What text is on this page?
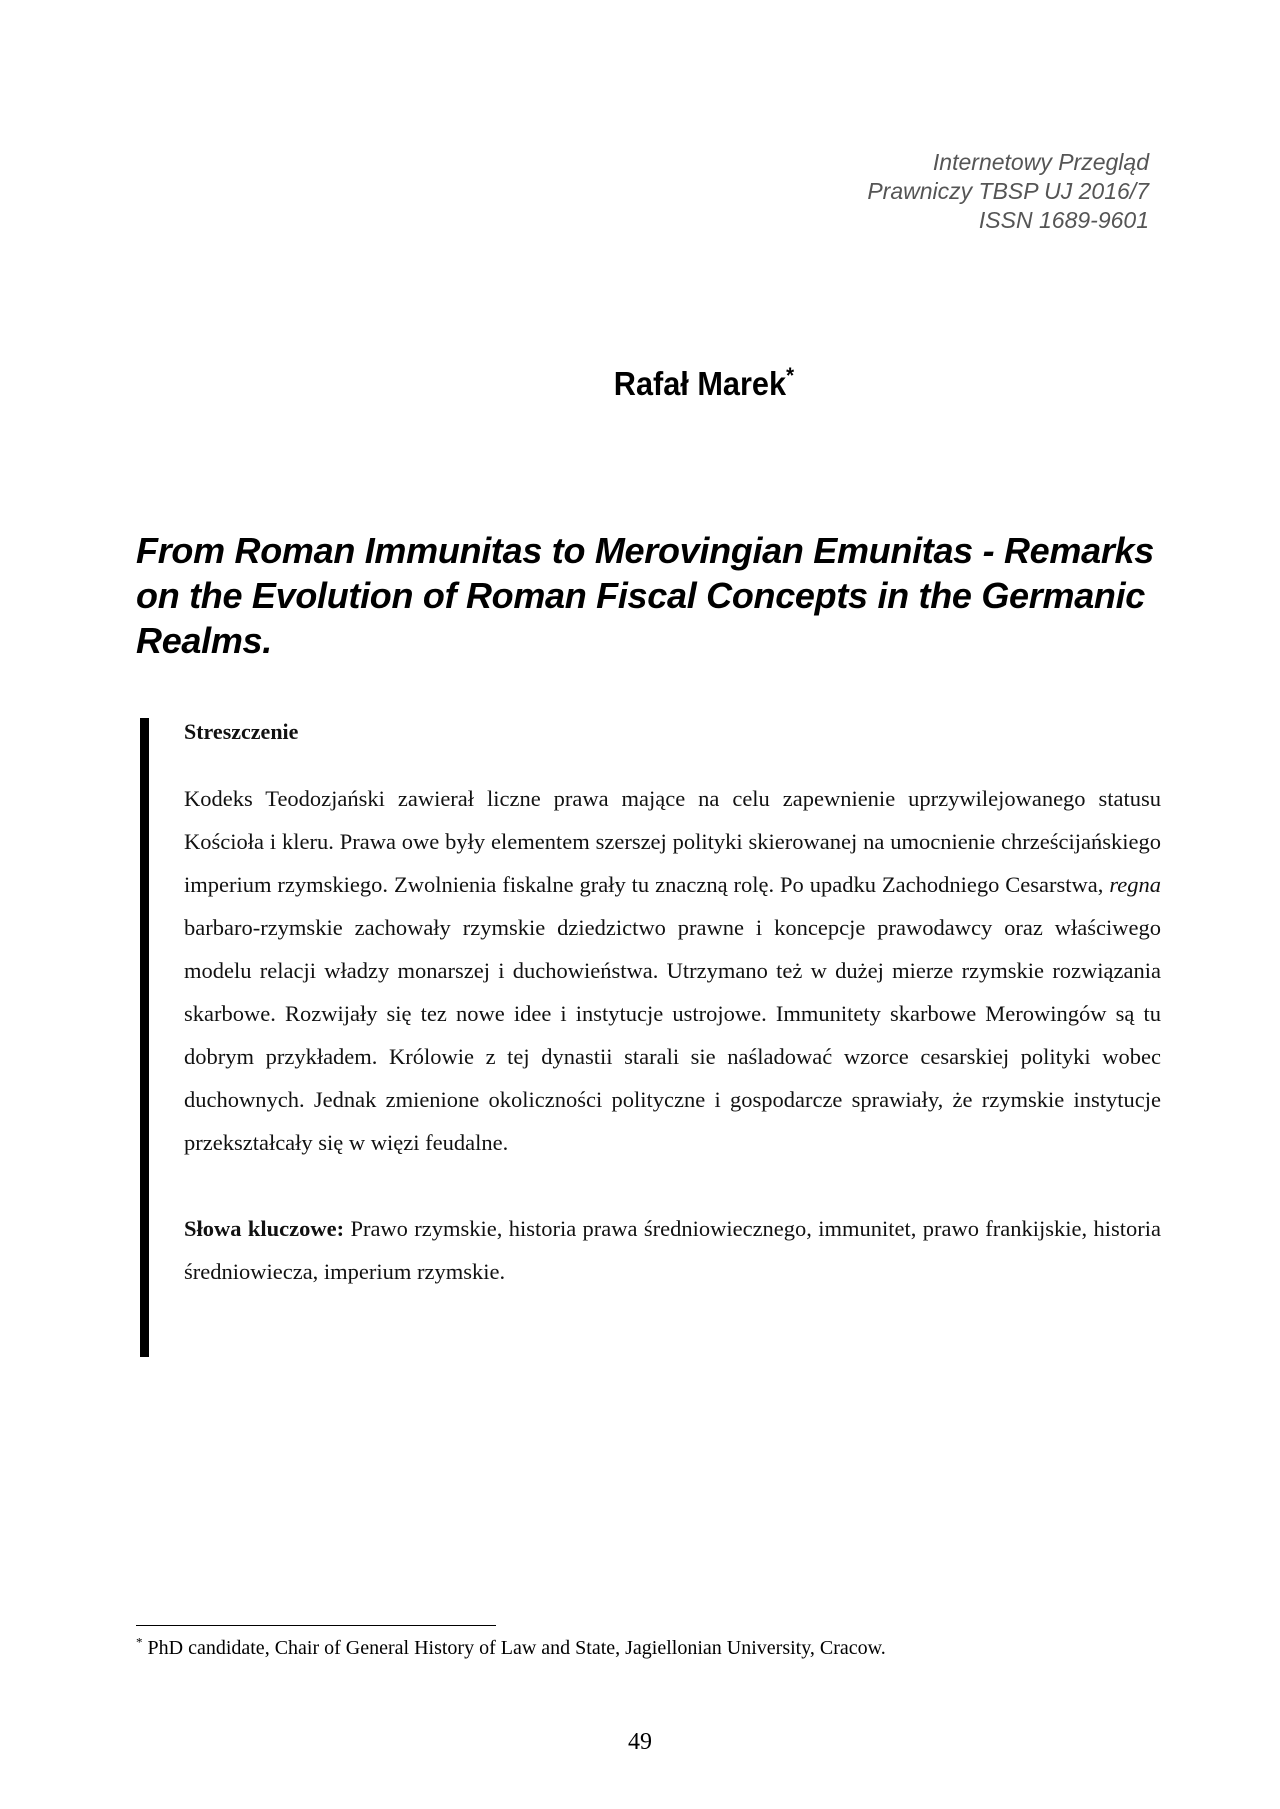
Internetowy Przegląd
Prawniczy TBSP UJ 2016/7
ISSN 1689-9601
Rafał Marek*
From Roman Immunitas to Merovingian Emunitas - Remarks on the Evolution of Roman Fiscal Concepts in the Germanic Realms.
Streszczenie

Kodeks Teodozjański zawierał liczne prawa mające na celu zapewnienie uprzywilejowanego statusu Kościoła i kleru. Prawa owe były elementem szerszej polityki skierowanej na umocnienie chrześcijańskiego imperium rzymskiego. Zwolnienia fiskalne grały tu znaczną rolę. Po upadku Zachodniego Cesarstwa, regna barbaro-rzymskie zachowały rzymskie dziedzictwo prawne i koncepcje prawodawcy oraz właściwego modelu relacji władzy monarszej i duchowieństwa. Utrzymano też w dużej mierze rzymskie rozwiązania skarbowe. Rozwijały się tez nowe idee i instytucje ustrojowe. Immunitety skarbowe Merowingów są tu dobrym przykładem. Królowie z tej dynastii starali sie naśladować wzorce cesarskiej polityki wobec duchownych. Jednak zmienione okoliczności polityczne i gospodarcze sprawiały, że rzymskie instytucje przekształcały się w więzi feudalne.

Słowa kluczowe: Prawo rzymskie, historia prawa średniowiecznego, immunitet, prawo frankijskie, historia średniowiecza, imperium rzymskie.
* PhD candidate, Chair of General History of Law and State, Jagiellonian University, Cracow.
49
